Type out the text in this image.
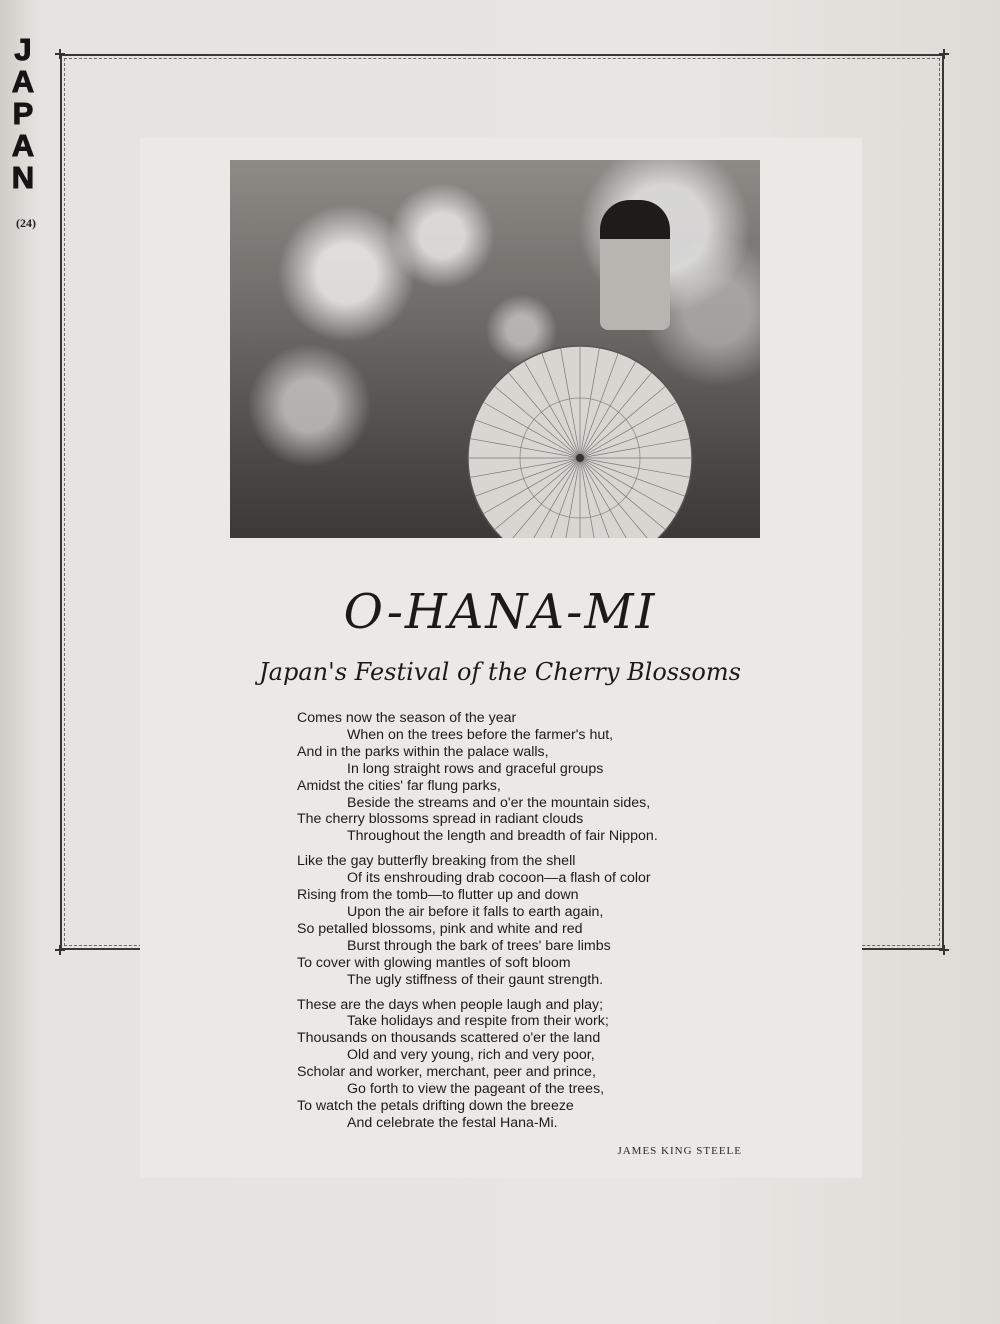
J
A
P
A
N
(24)
O-HANA-MI
Japan's Festival of the Cherry Blossoms
Comes now the season of the year
When on the trees before the farmer's hut,
And in the parks within the palace walls,
In long straight rows and graceful groups
Amidst the cities' far flung parks,
Beside the streams and o'er the mountain sides,
The cherry blossoms spread in radiant clouds
Throughout the length and breadth of fair Nippon.
Like the gay butterfly breaking from the shell
Of its enshrouding drab cocoon—a flash of color
Rising from the tomb—to flutter up and down
Upon the air before it falls to earth again,
So petalled blossoms, pink and white and red
Burst through the bark of trees' bare limbs
To cover with glowing mantles of soft bloom
The ugly stiffness of their gaunt strength.
These are the days when people laugh and play;
Take holidays and respite from their work;
Thousands on thousands scattered o'er the land
Old and very young, rich and very poor,
Scholar and worker, merchant, peer and prince,
Go forth to view the pageant of the trees,
To watch the petals drifting down the breeze
And celebrate the festal Hana-Mi.
JAMES KING STEELE
